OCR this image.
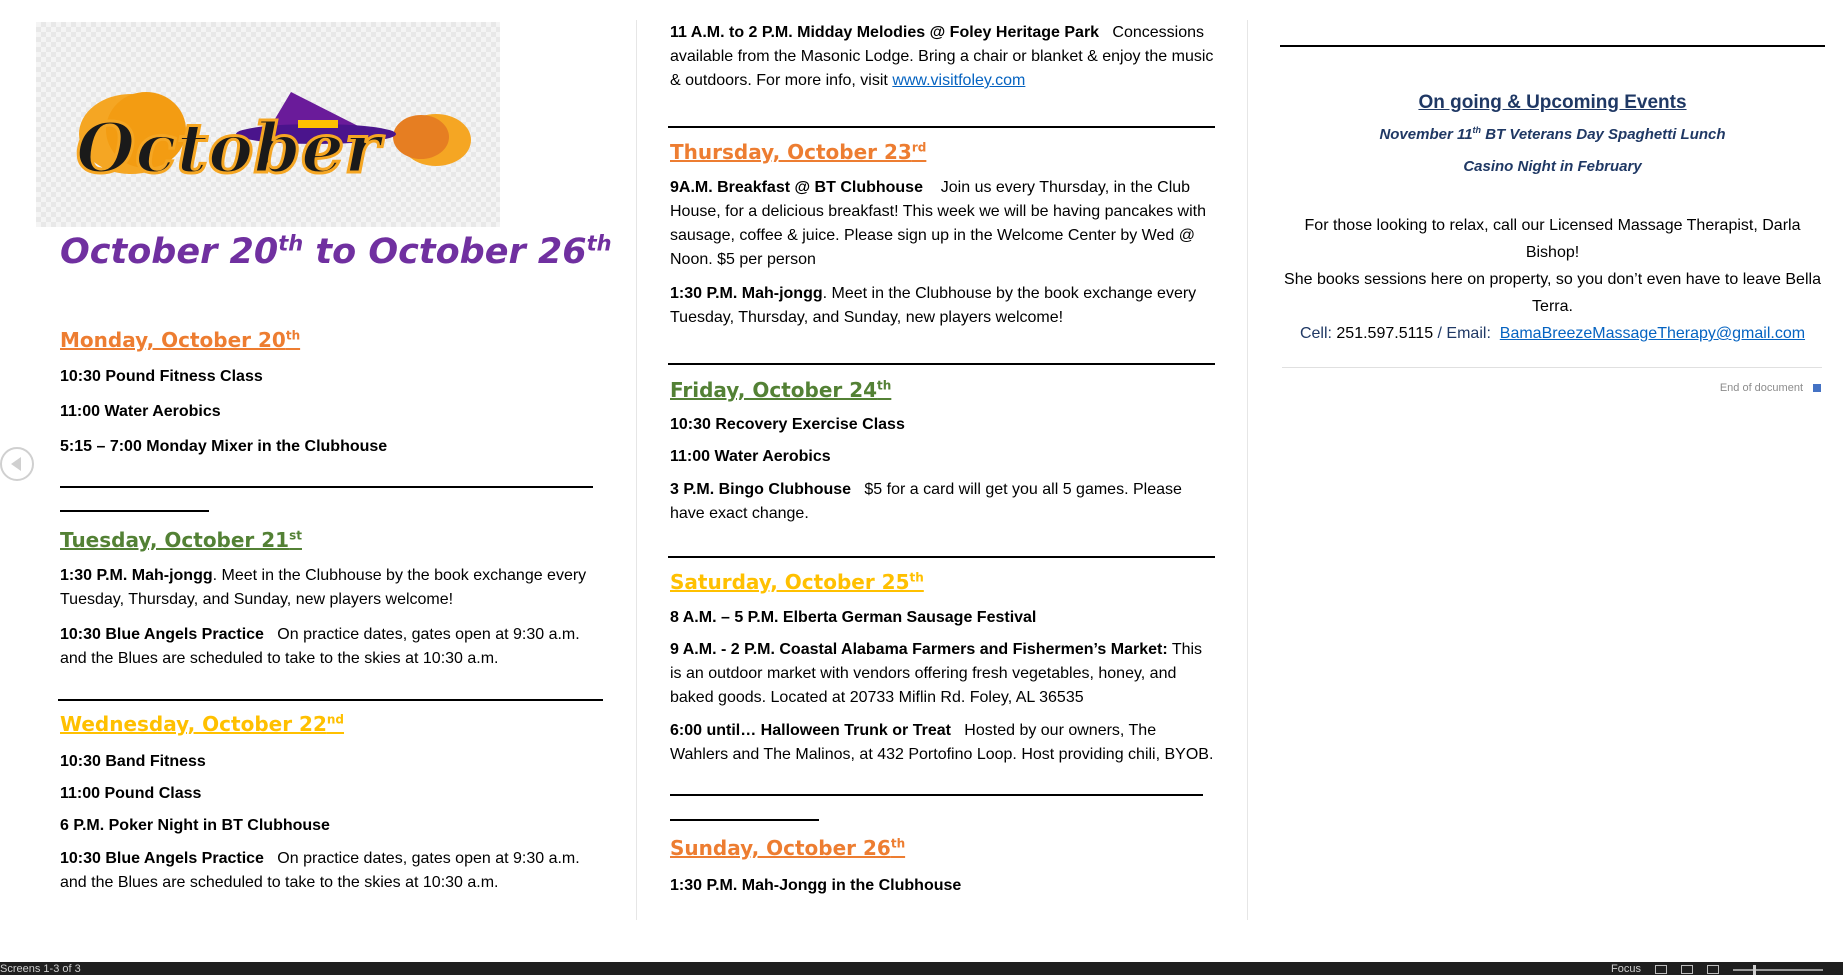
October
October 20th to October 26th
Monday, October 20th
10:30 Pound Fitness Class
11:00 Water Aerobics
5:15 – 7:00 Monday Mixer in the Clubhouse
Tuesday, October 21st
1:30 P.M. Mah-jongg. Meet in the Clubhouse by the book exchange every Tuesday, Thursday, and Sunday, new players welcome!
10:30 Blue Angels Practice On practice dates, gates open at 9:30 a.m. and the Blues are scheduled to take to the skies at 10:30 a.m.
Wednesday, October 22nd
10:30 Band Fitness
11:00 Pound Class
6 P.M. Poker Night in BT Clubhouse
10:30 Blue Angels Practice On practice dates, gates open at 9:30 a.m. and the Blues are scheduled to take to the skies at 10:30 a.m.
11 A.M. to 2 P.M. Midday Melodies @ Foley Heritage Park Concessions available from the Masonic Lodge. Bring a chair or blanket & enjoy the music & outdoors. For more info, visit www.visitfoley.com
Thursday, October 23rd
9A.M. Breakfast @ BT Clubhouse Join us every Thursday, in the Club House, for a delicious breakfast! This week we will be having pancakes with sausage, coffee & juice. Please sign up in the Welcome Center by Wed @ Noon. $5 per person
1:30 P.M. Mah-jongg. Meet in the Clubhouse by the book exchange every Tuesday, Thursday, and Sunday, new players welcome!
Friday, October 24th
10:30 Recovery Exercise Class
11:00 Water Aerobics
3 P.M. Bingo Clubhouse $5 for a card will get you all 5 games. Please have exact change.
Saturday, October 25th
8 A.M. – 5 P.M. Elberta German Sausage Festival
9 A.M. - 2 P.M. Coastal Alabama Farmers and Fishermen’s Market: This is an outdoor market with vendors offering fresh vegetables, honey, and baked goods. Located at 20733 Miflin Rd. Foley, AL 36535
6:00 until… Halloween Trunk or Treat Hosted by our owners, The Wahlers and The Malinos, at 432 Portofino Loop. Host providing chili, BYOB.
Sunday, October 26th
1:30 P.M. Mah-Jongg in the Clubhouse
On going & Upcoming Events
November 11th BT Veterans Day Spaghetti Lunch
Casino Night in February
For those looking to relax, call our Licensed Massage Therapist, Darla Bishop!
She books sessions here on property, so you don’t even have to leave Bella Terra.
Cell: 251.597.5115 / Email: BamaBreezeMassageTherapy@gmail.com
End of document
Screens 1-3 of 3	Focus
